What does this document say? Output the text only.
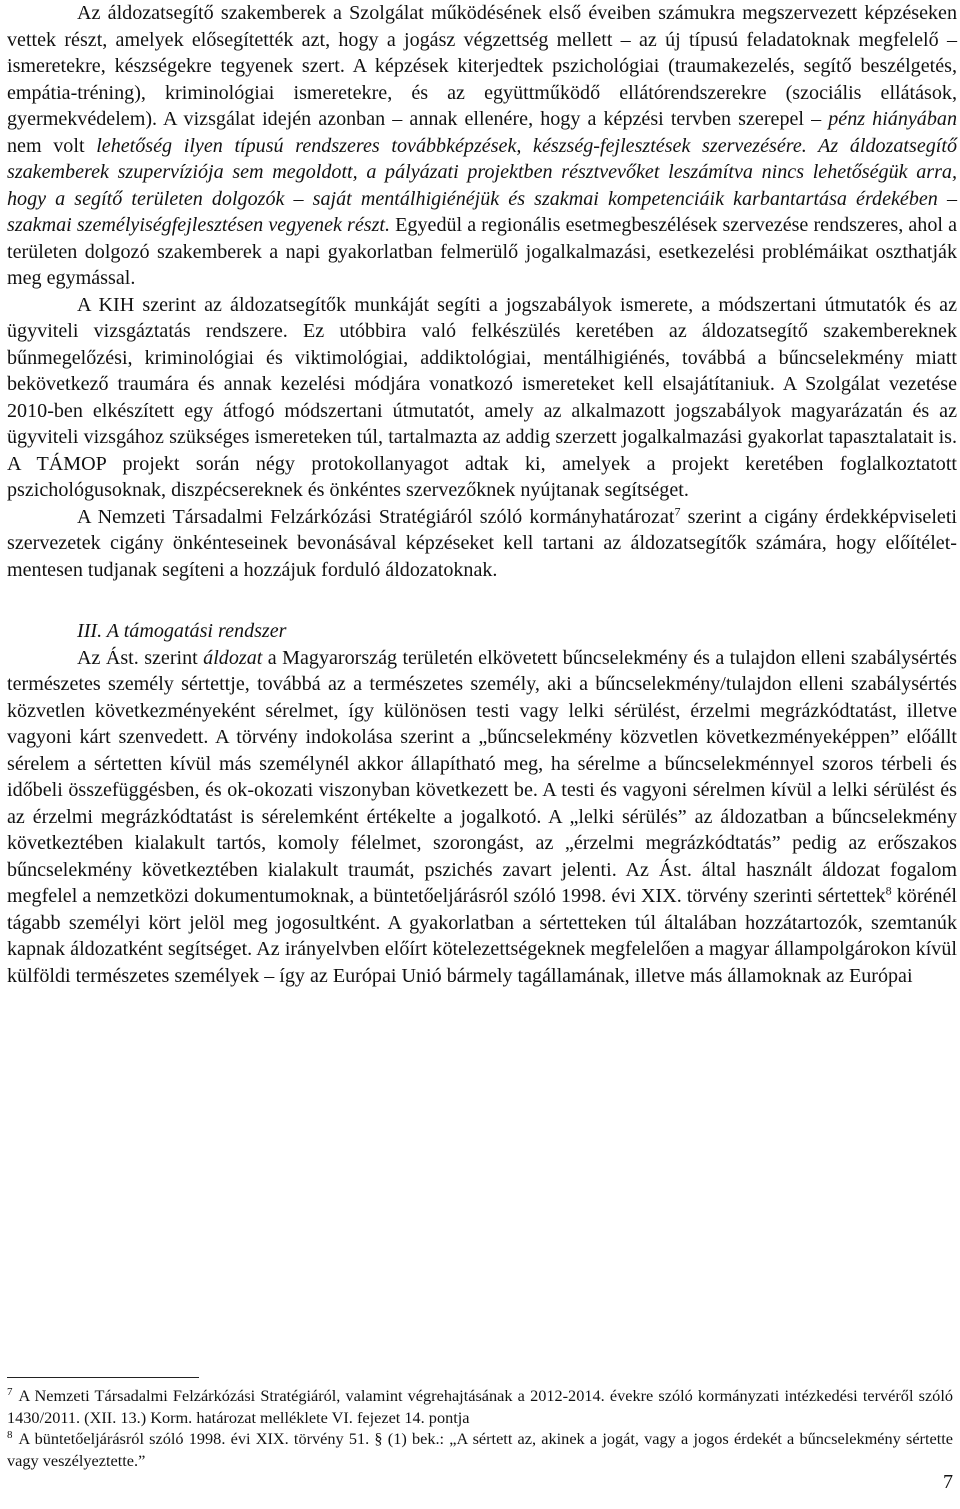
Az áldozatsegítő szakemberek a Szolgálat működésének első éveiben számukra megszervezett képzéseken vettek részt, amelyek elősegítették azt, hogy a jogász végzettség mellett – az új típusú feladatoknak megfelelő – ismeretekre, készségekre tegyenek szert. A képzések kiterjedtek pszichológiai (traumakezelés, segítő beszélgetés, empátia-tréning), kriminológiai ismeretekre, és az együttműködő ellátórendszerekre (szociális ellátások, gyermekvédelem). A vizsgálat idején azonban – annak ellenére, hogy a képzési tervben szerepel – pénz hiányában nem volt lehetőség ilyen típusú rendszeres továbbképzések, készség-fejlesztések szervezésére. Az áldozatsegítő szakemberek szupervíziója sem megoldott, a pályázati projektben résztvevőket leszámítva nincs lehetőségük arra, hogy a segítő területen dolgozók – saját mentálhigiénéjük és szakmai kompetenciáik karbantartása érdekében – szakmai személyiségfejlesztésen vegyenek részt. Egyedül a regionális esetmegbeszélések szervezése rendszeres, ahol a területen dolgozó szakemberek a napi gyakorlatban felmerülő jogalkalmazási, esetkezelési problémáikat oszthatják meg egymással.

A KIH szerint az áldozatsegítők munkáját segíti a jogszabályok ismerete, a módszertani útmutatók és az ügyviteli vizsgáztatás rendszere. Ez utóbbira való felkészülés keretében az áldozatsegítő szakembereknek bűnmegelőzési, kriminológiai és viktimológiai, addiktológiai, mentálhigiénés, továbbá a bűncselekmény miatt bekövetkező traumára és annak kezelési módjára vonatkozó ismereteket kell elsajátítaniuk. A Szolgálat vezetése 2010-ben elkészített egy átfogó módszertani útmutatót, amely az alkalmazott jogszabályok magyarázatán és az ügyviteli vizsgához szükséges ismereteken túl, tartalmazta az addig szerzett jogalkalmazási gyakorlat tapasztalatait is. A TÁMOP projekt során négy protokollanyagot adtak ki, amelyek a projekt keretében foglalkoztatott pszichológusoknak, diszpécsereknek és önkéntes szervezőknek nyújtanak segítséget.

A Nemzeti Társadalmi Felzárkózási Stratégiáról szóló kormányhatározat$^7$ szerint a cigány érdekképviseleti szervezetek cigány önkénteseinek bevonásával képzéseket kell tartani az áldozatsegítők számára, hogy előítélet-mentesen tudjanak segíteni a hozzájuk forduló áldozatoknak.

III. A támogatási rendszer

Az Ást. szerint áldozat a Magyarország területén elkövetett bűncselekmény és a tulajdon elleni szabálysértés természetes személy sértettje, továbbá az a természetes személy, aki a bűncselekmény/tulajdon elleni szabálysértés közvetlen következményeként sérelmet, így különösen testi vagy lelki sérülést, érzelmi megrázkódtatást, illetve vagyoni kárt szenvedett. A törvény indokolása szerint a „bűncselekmény közvetlen következményeképpen” előállt sérelem a sértetten kívül más személynél akkor állapítható meg, ha sérelme a bűncselekménnyel szoros térbeli és időbeli összefüggésben, és ok-okozati viszonyban következett be. A testi és vagyoni sérelmen kívül a lelki sérülést és az érzelmi megrázkódtatást is sérelemként értékelte a jogalkotó. A „lelki sérülés” az áldozatban a bűncselekmény következtében kialakult tartós, komoly félelmet, szorongást, az „érzelmi megrázkódtatás” pedig az erőszakos bűncselekmény következtében kialakult traumát, pszichés zavart jelenti. Az Ást. által használt áldozat fogalom megfelel a nemzetközi dokumentumoknak, a büntetőeljárásról szóló 1998. évi XIX. törvény szerinti sértettek$^8$ körénél tágabb személyi kört jelöl meg jogosultként. A gyakorlatban a sértetteken túl általában hozzátartozók, szemtanúk kapnak áldozatként segítséget. Az irányelvben előírt kötelezettségeknek megfelelően a magyar állampolgárokon kívül külföldi természetes személyek – így az Európai Unió bármely tagállamának, illetve más államoknak az Európai

$^7$ A Nemzeti Társadalmi Felzárkózási Stratégiáról, valamint végrehajtásának a 2012-2014. évekre szóló kormányzati intézkedési tervéről szóló 1430/2011. (XII. 13.) Korm. határozat melléklete VI. fejezet 14. pontja

$^8$ A büntetőeljárásról szóló 1998. évi XIX. törvény 51. § (1) bek.: „A sértett az, akinek a jogát, vagy a jogos érdekét a bűncselekmény sértette vagy veszélyeztette.”

7
